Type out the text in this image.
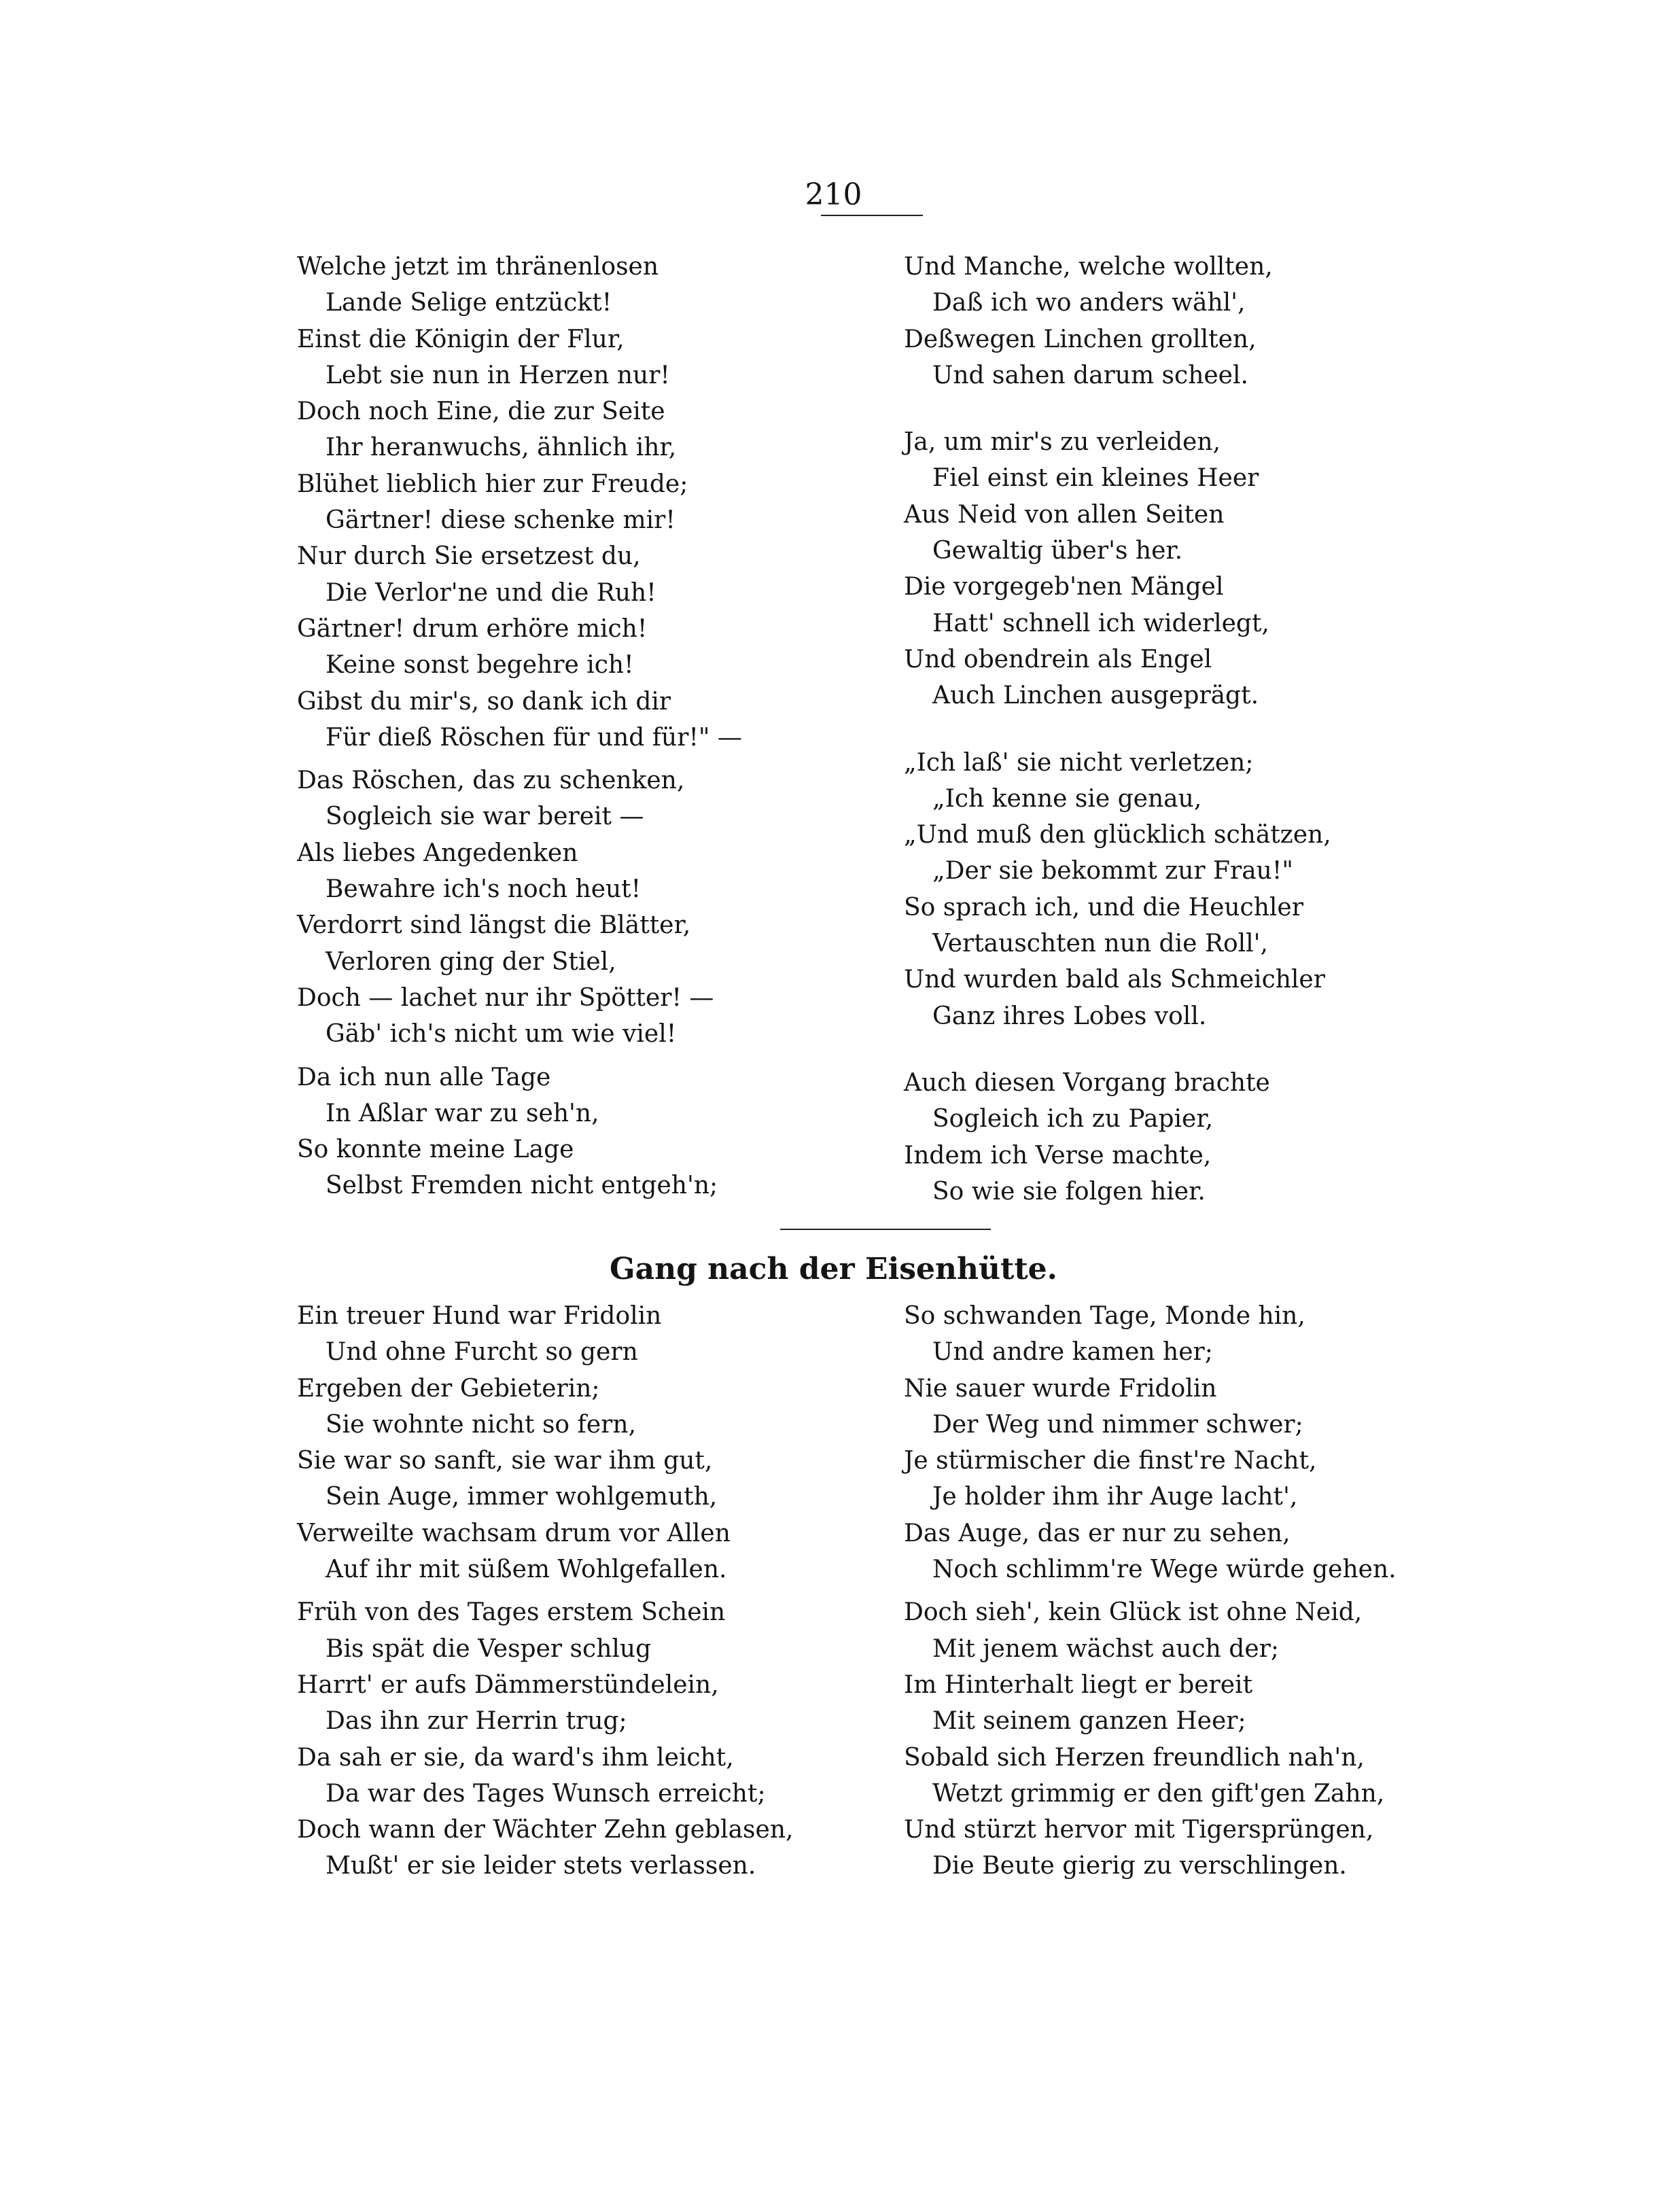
210
Welche jetzt im thränenlosen
Lande Selige entzückt!
Einst die Königin der Flur,
Lebt sie nun in Herzen nur!
Doch noch Eine, die zur Seite
Ihr heranwuchs, ähnlich ihr,
Blühet lieblich hier zur Freude;
Gärtner! diese schenke mir!
Nur durch Sie ersetzest du,
Die Verlor'ne und die Ruh!
Gärtner! drum erhöre mich!
Keine sonst begehre ich!
Gibst du mir's, so dank ich dir
Für dieß Röschen für und für!" —
Das Röschen, das zu schenken,
Sogleich sie war bereit —
Als liebes Angedenken
Bewahre ich's noch heut!
Verdorrt sind längst die Blätter,
Verloren ging der Stiel,
Doch — lachet nur ihr Spötter! —
Gäb' ich's nicht um wie viel!
Da ich nun alle Tage
In Aßlar war zu seh'n,
So konnte meine Lage
Selbst Fremden nicht entgeh'n;
Und Manche, welche wollten,
Daß ich wo anders wähl',
Deßwegen Linchen grollten,
Und sahen darum scheel.
Ja, um mir's zu verleiden,
Fiel einst ein kleines Heer
Aus Neid von allen Seiten
Gewaltig über's her.
Die vorgegeb'nen Mängel
Hatt' schnell ich widerlegt,
Und obendrein als Engel
Auch Linchen ausgeprägt.
„Ich laß' sie nicht verletzen;
„Ich kenne sie genau,
„Und muß den glücklich schätzen,
„Der sie bekommt zur Frau!"
So sprach ich, und die Heuchler
Vertauschten nun die Roll',
Und wurden bald als Schmeichler
Ganz ihres Lobes voll.
Auch diesen Vorgang brachte
Sogleich ich zu Papier,
Indem ich Verse machte,
So wie sie folgen hier.
Gang nach der Eisenhütte.
Ein treuer Hund war Fridolin
Und ohne Furcht so gern
Ergeben der Gebieterin;
Sie wohnte nicht so fern,
Sie war so sanft, sie war ihm gut,
Sein Auge, immer wohlgemuth,
Verweilte wachsam drum vor Allen
Auf ihr mit süßem Wohlgefallen.
Früh von des Tages erstem Schein
Bis spät die Vesper schlug
Harrt' er aufs Dämmerstündelein,
Das ihn zur Herrin trug;
Da sah er sie, da ward's ihm leicht,
Da war des Tages Wunsch erreicht;
Doch wann der Wächter Zehn geblasen,
Mußt' er sie leider stets verlassen.
So schwanden Tage, Monde hin,
Und andre kamen her;
Nie sauer wurde Fridolin
Der Weg und nimmer schwer;
Je stürmischer die finst're Nacht,
Je holder ihm ihr Auge lacht',
Das Auge, das er nur zu sehen,
Noch schlimm're Wege würde gehen.
Doch sieh', kein Glück ist ohne Neid,
Mit jenem wächst auch der;
Im Hinterhalt liegt er bereit
Mit seinem ganzen Heer;
Sobald sich Herzen freundlich nah'n,
Wetzt grimmig er den gift'gen Zahn,
Und stürzt hervor mit Tigersprüngen,
Die Beute gierig zu verschlingen.
